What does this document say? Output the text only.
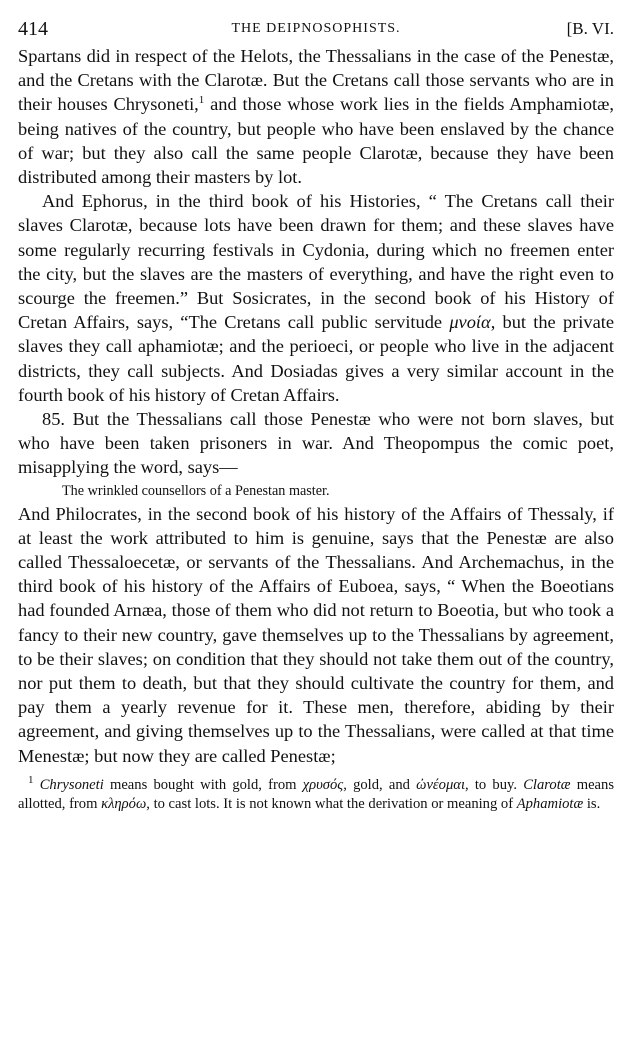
414	THE DEIPNOSOPHISTS.	[B. VI.

Spartans did in respect of the Helots, the Thessalians in the case of the Penestæ, and the Cretans with the Clarotæ. But the Cretans call those servants who are in their houses Chrysoneti,$^1$ and those whose work lies in the fields Amphamiotæ, being natives of the country, but people who have been enslaved by the chance of war; but they also call the same people Clarotæ, because they have been distributed among their masters by lot.

And Ephorus, in the third book of his Histories, “ The Cretans call their slaves Clarotæ, because lots have been drawn for them; and these slaves have some regularly recurring festivals in Cydonia, during which no freemen enter the city, but the slaves are the masters of everything, and have the right even to scourge the freemen.” But Sosicrates, in the second book of his History of Cretan Affairs, says, “The Cretans call public servitude μνοία, but the private slaves they call aphamiotæ; and the perioeci, or people who live in the adjacent districts, they call subjects. And Dosiadas gives a very similar account in the fourth book of his history of Cretan Affairs.

85. But the Thessalians call those Penestæ who were not born slaves, but who have been taken prisoners in war. And Theopompus the comic poet, misapplying the word, says—

The wrinkled counsellors of a Penestan master.

And Philocrates, in the second book of his history of the Affairs of Thessaly, if at least the work attributed to him is genuine, says that the Penestæ are also called Thessaloecetæ, or servants of the Thessalians. And Archemachus, in the third book of his history of the Affairs of Euboea, says, “ When the Boeotians had founded Arnæa, those of them who did not return to Boeotia, but who took a fancy to their new country, gave themselves up to the Thessalians by agreement, to be their slaves; on condition that they should not take them out of the country, nor put them to death, but that they should cultivate the country for them, and pay them a yearly revenue for it. These men, therefore, abiding by their agreement, and giving themselves up to the Thessalians, were called at that time Menestæ; but now they are called Penestæ;

$^1$ Chrysoneti means bought with gold, from χρυσός, gold, and ὠνέομαι, to buy. Clarotæ means allotted, from κληρόω, to cast lots. It is not known what the derivation or meaning of Aphamiotæ is.
